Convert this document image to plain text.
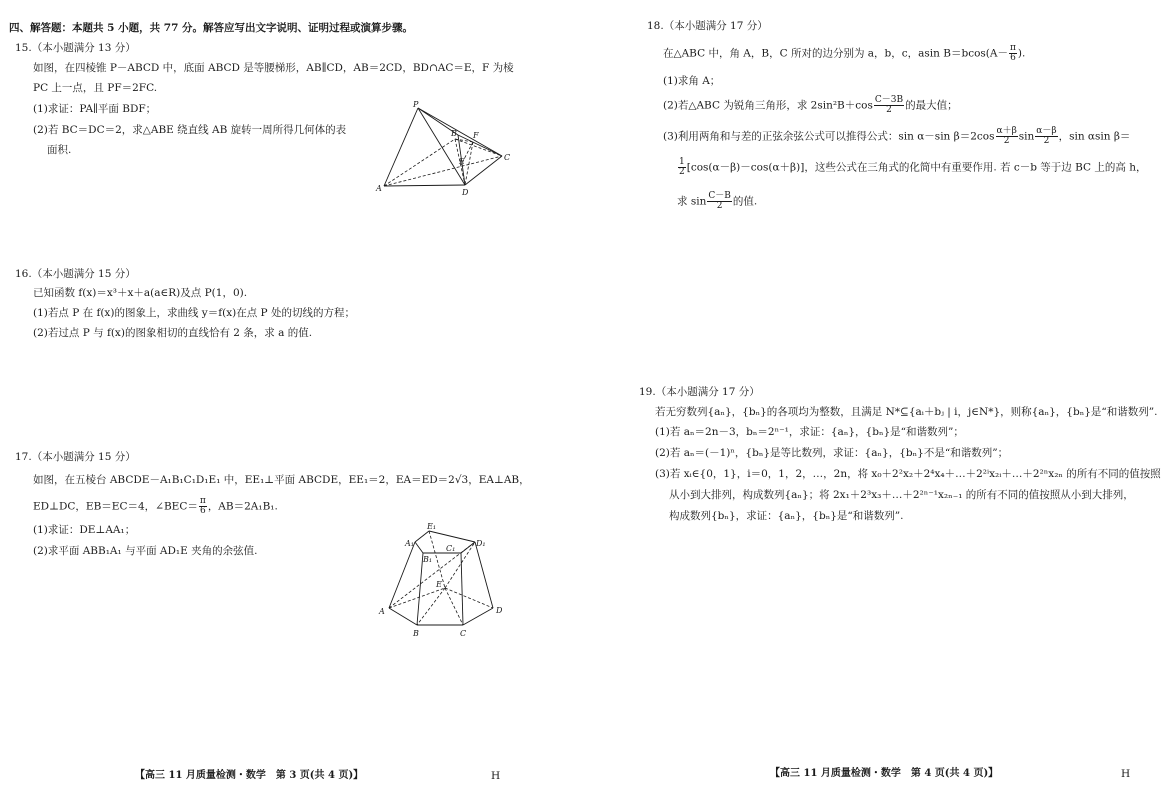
四、解答题：本题共 5 小题，共 77 分。解答应写出文字说明、证明过程或演算步骤。
15.（本小题满分 13 分）
如图，在四棱锥 P－ABCD 中，底面 ABCD 是等腰梯形，AB∥CD，AB＝2CD，BD∩AC＝E，F 为棱
PC 上一点，且 PF＝2FC.
(1)求证：PA∥平面 BDF；
(2)若 BC＝DC＝2，求△ABE 绕直线 AB 旋转一周所得几何体的表
面积.
P
A
B
C
D
E
F
16.（本小题满分 15 分）
已知函数 f(x)＝x³＋x＋a(a∈R)及点 P(1，0).
(1)若点 P 在 f(x)的图象上，求曲线 y＝f(x)在点 P 处的切线的方程；
(2)若过点 P 与 f(x)的图象相切的直线恰有 2 条，求 a 的值.
17.（本小题满分 15 分）
如图，在五棱台 ABCDE－A₁B₁C₁D₁E₁ 中，EE₁⊥平面 ABCDE，EE₁＝2，EA＝ED＝2√3，EA⊥AB，
ED⊥DC，EB＝EC＝4，∠BEC＝ $\frac{\pi}{6}$ ，AB＝2A₁B₁.
(1)求证：DE⊥AA₁；
(2)求平面 ABB₁A₁ 与平面 AD₁E 夹角的余弦值.
A
B	C
D
E
A₁
B₁
C₁
D₁
E₁
【高三 11 月质量检测・数学　第 3 页(共 4 页)】	H
18.（本小题满分 17 分）
在△ABC 中，角 A，B，C 所对的边分别为 a，b，c，asin $B=bcos(A- \frac{\pi}{6}$ ).
(1)求角 A；
(2)若△ABC 为锐角三角形，求 $2\sin^2B+\cos \frac{C-3B}{2}$ 的最大值；
(3)利用两角和与差的正弦余弦公式可以推得公式：sin α－sin $\beta=2\cos \frac{\alpha+\beta}{2}$ $\sin \frac{\alpha-\beta}{2}$ ，sin αsin β＝
$\frac{1}{2} [\cos(\alpha-\beta)-\cos(\alpha+\beta)]$，这些公式在三角式的化简中有重要作用. 若 c－b 等于边 BC 上的高 h，
求 $\sin \frac{C-B}{2}$ 的值.
19.（本小题满分 17 分）
若无穷数列{aₙ}，{bₙ}的各项均为整数，且满足 N*⊆{aᵢ＋bⱼ | i，j∈N*}，则称{aₙ}，{bₙ}是“和谐数列”.
(1)若 aₙ＝2n－3，bₙ＝2ⁿ⁻¹，求证：{aₙ}，{bₙ}是“和谐数列”；
(2)若 aₙ＝(－1)ⁿ，{bₙ}是等比数列，求证：{aₙ}，{bₙ}不是“和谐数列”；
(3)若 xᵢ∈{0，1}，i＝0，1，2，…，2n，将 x₀＋2²x₂＋2⁴x₄＋…＋2²ⁱx₂ᵢ＋…＋2²ⁿx₂ₙ 的所有不同的值按照
从小到大排列，构成数列{aₙ}；将 2x₁＋2³x₃＋…＋2²ⁿ⁻¹x₂ₙ₋₁ 的所有不同的值按照从小到大排列，
构成数列{bₙ}，求证：{aₙ}，{bₙ}是“和谐数列”.
【高三 11 月质量检测・数学　第 4 页(共 4 页)】	H
